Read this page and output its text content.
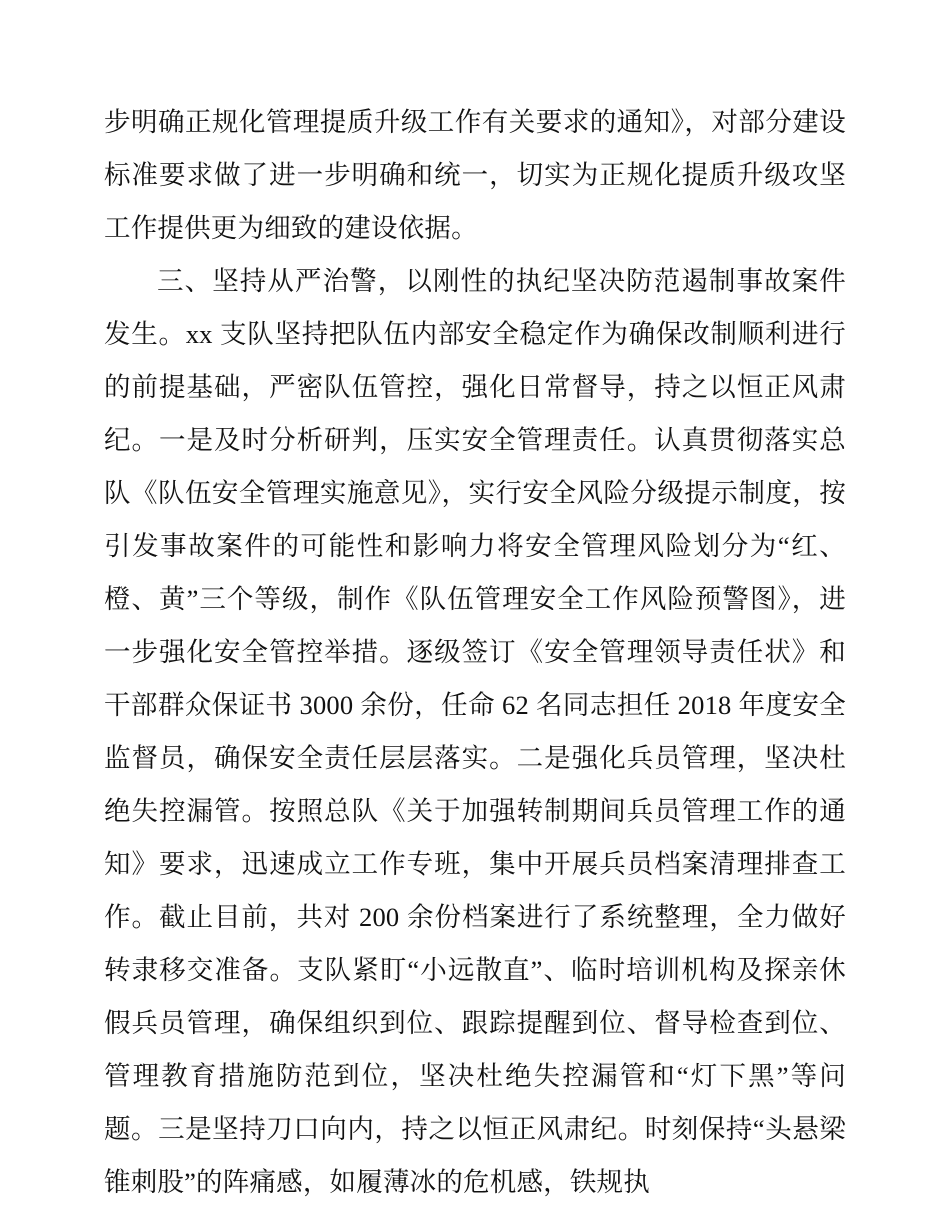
步明确正规化管理提质升级工作有关要求的通知》，对部分建设标准要求做了进一步明确和统一，切实为正规化提质升级攻坚工作提供更为细致的建设依据。

三、坚持从严治警，以刚性的执纪坚决防范遏制事故案件发生。xx 支队坚持把队伍内部安全稳定作为确保改制顺利进行的前提基础，严密队伍管控，强化日常督导，持之以恒正风肃纪。一是及时分析研判，压实安全管理责任。认真贯彻落实总队《队伍安全管理实施意见》，实行安全风险分级提示制度，按引发事故案件的可能性和影响力将安全管理风险划分为“红、橙、黄”三个等级，制作《队伍管理安全工作风险预警图》，进一步强化安全管控举措。逐级签订《安全管理领导责任状》和干部群众保证书 3000 余份，任命 62 名同志担任 2018 年度安全监督员，确保安全责任层层落实。二是强化兵员管理，坚决杜绝失控漏管。按照总队《关于加强转制期间兵员管理工作的通知》要求，迅速成立工作专班，集中开展兵员档案清理排查工作。截止目前，共对 200 余份档案进行了系统整理，全力做好转隶移交准备。支队紧盯“小远散直”、临时培训机构及探亲休假兵员管理，确保组织到位、跟踪提醒到位、督导检查到位、管理教育措施防范到位，坚决杜绝失控漏管和“灯下黑”等问题。三是坚持刀口向内，持之以恒正风肃纪。时刻保持“头悬梁锥刺股”的阵痛感，如履薄冰的危机感，铁规执
